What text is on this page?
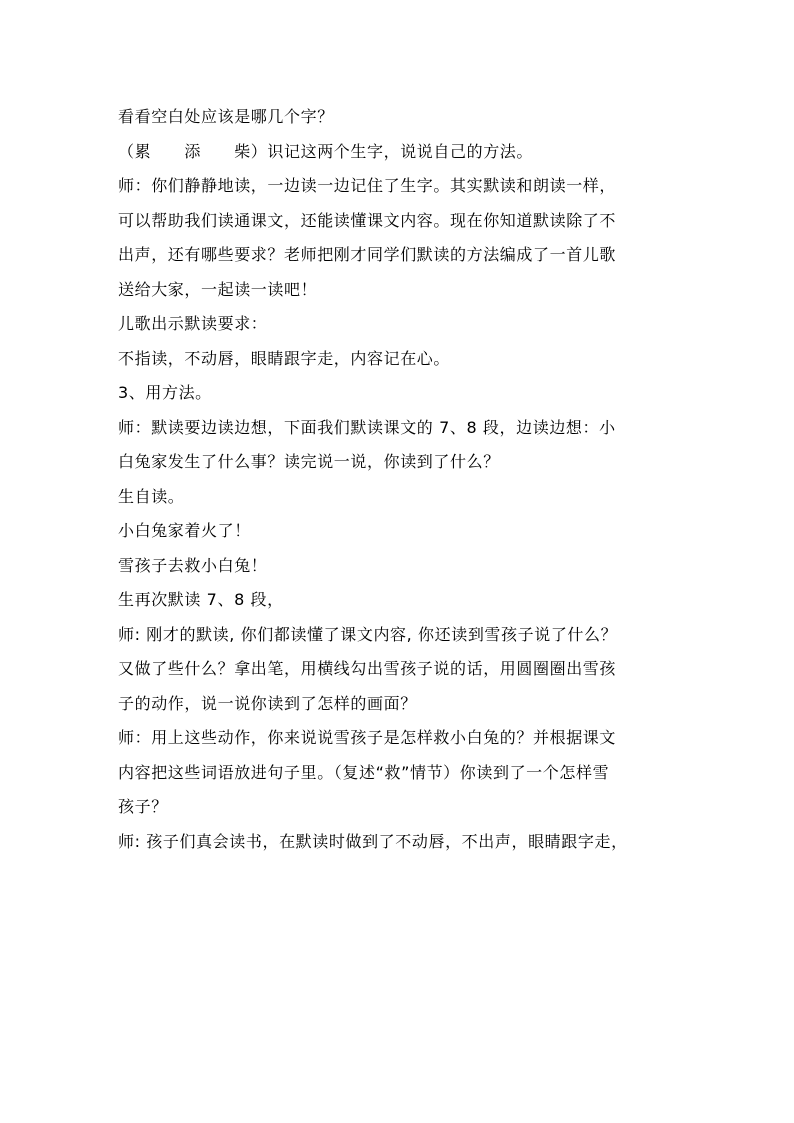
看看空白处应该是哪几个字？
（累　　添　　柴）识记这两个生字，说说自己的方法。
师：你们静静地读，一边读一边记住了生字。其实默读和朗读一样，
可以帮助我们读通课文，还能读懂课文内容。现在你知道默读除了不
出声，还有哪些要求？老师把刚才同学们默读的方法编成了一首儿歌
送给大家，一起读一读吧！
儿歌出示默读要求：
不指读，不动唇，眼睛跟字走，内容记在心。
3、用方法。
师：默读要边读边想，下面我们默读课文的 7、8 段，边读边想：小
白兔家发生了什么事？读完说一说，你读到了什么？
生自读。
小白兔家着火了！
雪孩子去救小白兔！
生再次默读 7、8 段，
师: 刚才的默读, 你们都读懂了课文内容, 你还读到雪孩子说了什么？
又做了些什么？拿出笔，用横线勾出雪孩子说的话，用圆圈圈出雪孩
子的动作，说一说你读到了怎样的画面？
师：用上这些动作，你来说说雪孩子是怎样救小白兔的？并根据课文
内容把这些词语放进句子里。（复述“救”情节）你读到了一个怎样雪
孩子？
师: 孩子们真会读书，在默读时做到了不动唇，不出声，眼睛跟字走，
